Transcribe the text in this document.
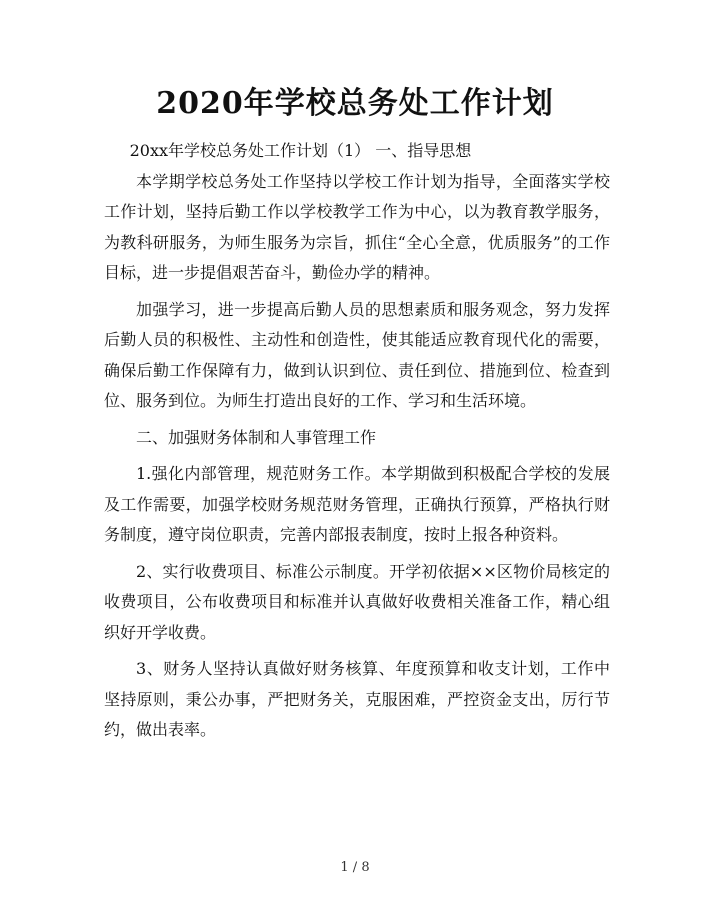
2020年学校总务处工作计划

20xx年学校总务处工作计划（1） 一、指导思想

本学期学校总务处工作坚持以学校工作计划为指导，全面落实学校工作计划，坚持后勤工作以学校教学工作为中心，以为教育教学服务，为教科研服务，为师生服务为宗旨，抓住“全心全意，优质服务”的工作目标，进一步提倡艰苦奋斗，勤俭办学的精神。

加强学习，进一步提高后勤人员的思想素质和服务观念，努力发挥后勤人员的积极性、主动性和创造性，使其能适应教育现代化的需要，确保后勤工作保障有力，做到认识到位、责任到位、措施到位、检查到位、服务到位。为师生打造出良好的工作、学习和生活环境。

二、加强财务体制和人事管理工作

1.强化内部管理，规范财务工作。本学期做到积极配合学校的发展及工作需要，加强学校财务规范财务管理，正确执行预算，严格执行财务制度，遵守岗位职责，完善内部报表制度，按时上报各种资料。

2、实行收费项目、标准公示制度。开学初依据××区物价局核定的收费项目，公布收费项目和标准并认真做好收费相关准备工作，精心组织好开学收费。

3、财务人坚持认真做好财务核算、年度预算和收支计划，工作中坚持原则，秉公办事，严把财务关，克服困难，严控资金支出，厉行节约，做出表率。

1 / 8
